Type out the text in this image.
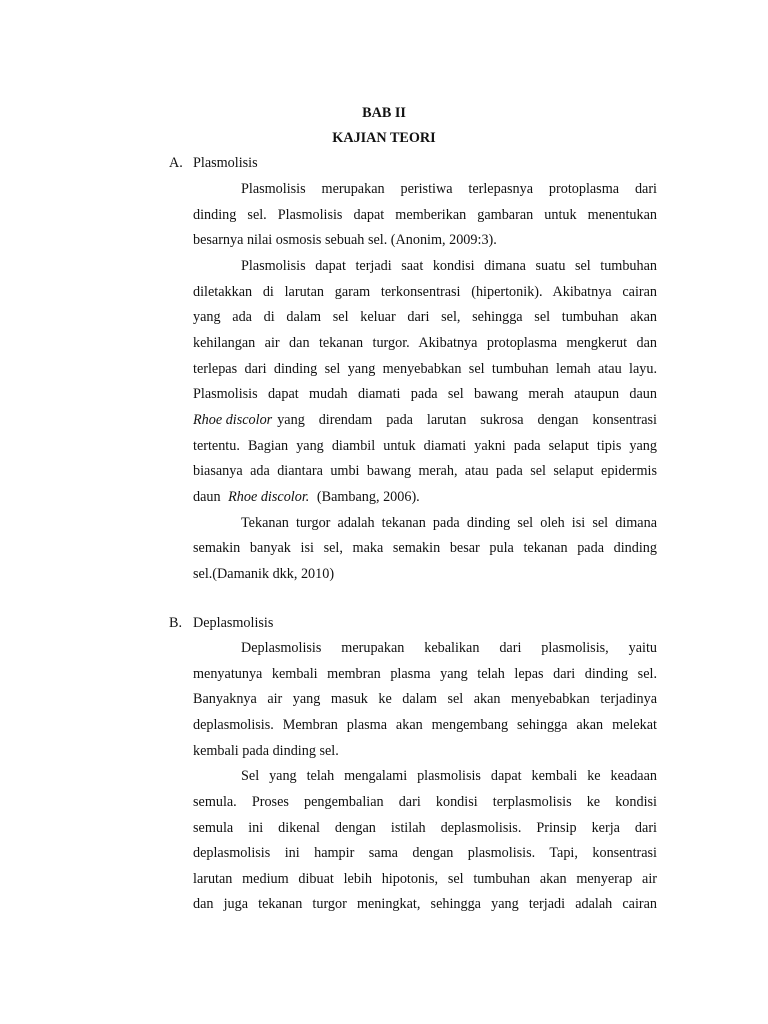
BAB II
KAJIAN TEORI
A. Plasmolisis
Plasmolisis merupakan peristiwa terlepasnya protoplasma dari
dinding sel. Plasmolisis dapat memberikan gambaran untuk menentukan
besarnya nilai osmosis sebuah sel. (Anonim, 2009:3).
Plasmolisis dapat terjadi saat kondisi dimana suatu sel tumbuhan
diletakkan di larutan garam terkonsentrasi (hipertonik). Akibatnya cairan
yang ada di dalam sel keluar dari sel, sehingga sel tumbuhan akan
kehilangan air dan tekanan turgor. Akibatnya protoplasma mengkerut dan
terlepas dari dinding sel yang menyebabkan sel tumbuhan lemah atau layu.
Plasmolisis dapat mudah diamati pada sel bawang merah ataupun daun
Rhoe discolor yang direndam pada larutan sukrosa dengan konsentrasi
tertentu. Bagian yang diambil untuk diamati yakni pada selaput tipis yang
biasanya ada diantara umbi bawang merah, atau pada sel selaput epidermis
daun Rhoe discolor. (Bambang, 2006).
Tekanan turgor adalah tekanan pada dinding sel oleh isi sel dimana
semakin banyak isi sel, maka semakin besar pula tekanan pada dinding
sel.(Damanik dkk, 2010)
B. Deplasmolisis
Deplasmolisis merupakan kebalikan dari plasmolisis, yaitu
menyatunya kembali membran plasma yang telah lepas dari dinding sel.
Banyaknya air yang masuk ke dalam sel akan menyebabkan terjadinya
deplasmolisis. Membran plasma akan mengembang sehingga akan melekat
kembali pada dinding sel.
Sel yang telah mengalami plasmolisis dapat kembali ke keadaan
semula. Proses pengembalian dari kondisi terplasmolisis ke kondisi
semula ini dikenal dengan istilah deplasmolisis. Prinsip kerja dari
deplasmolisis ini hampir sama dengan plasmolisis. Tapi, konsentrasi
larutan medium dibuat lebih hipotonis, sel tumbuhan akan menyerap air
dan juga tekanan turgor meningkat, sehingga yang terjadi adalah cairan
